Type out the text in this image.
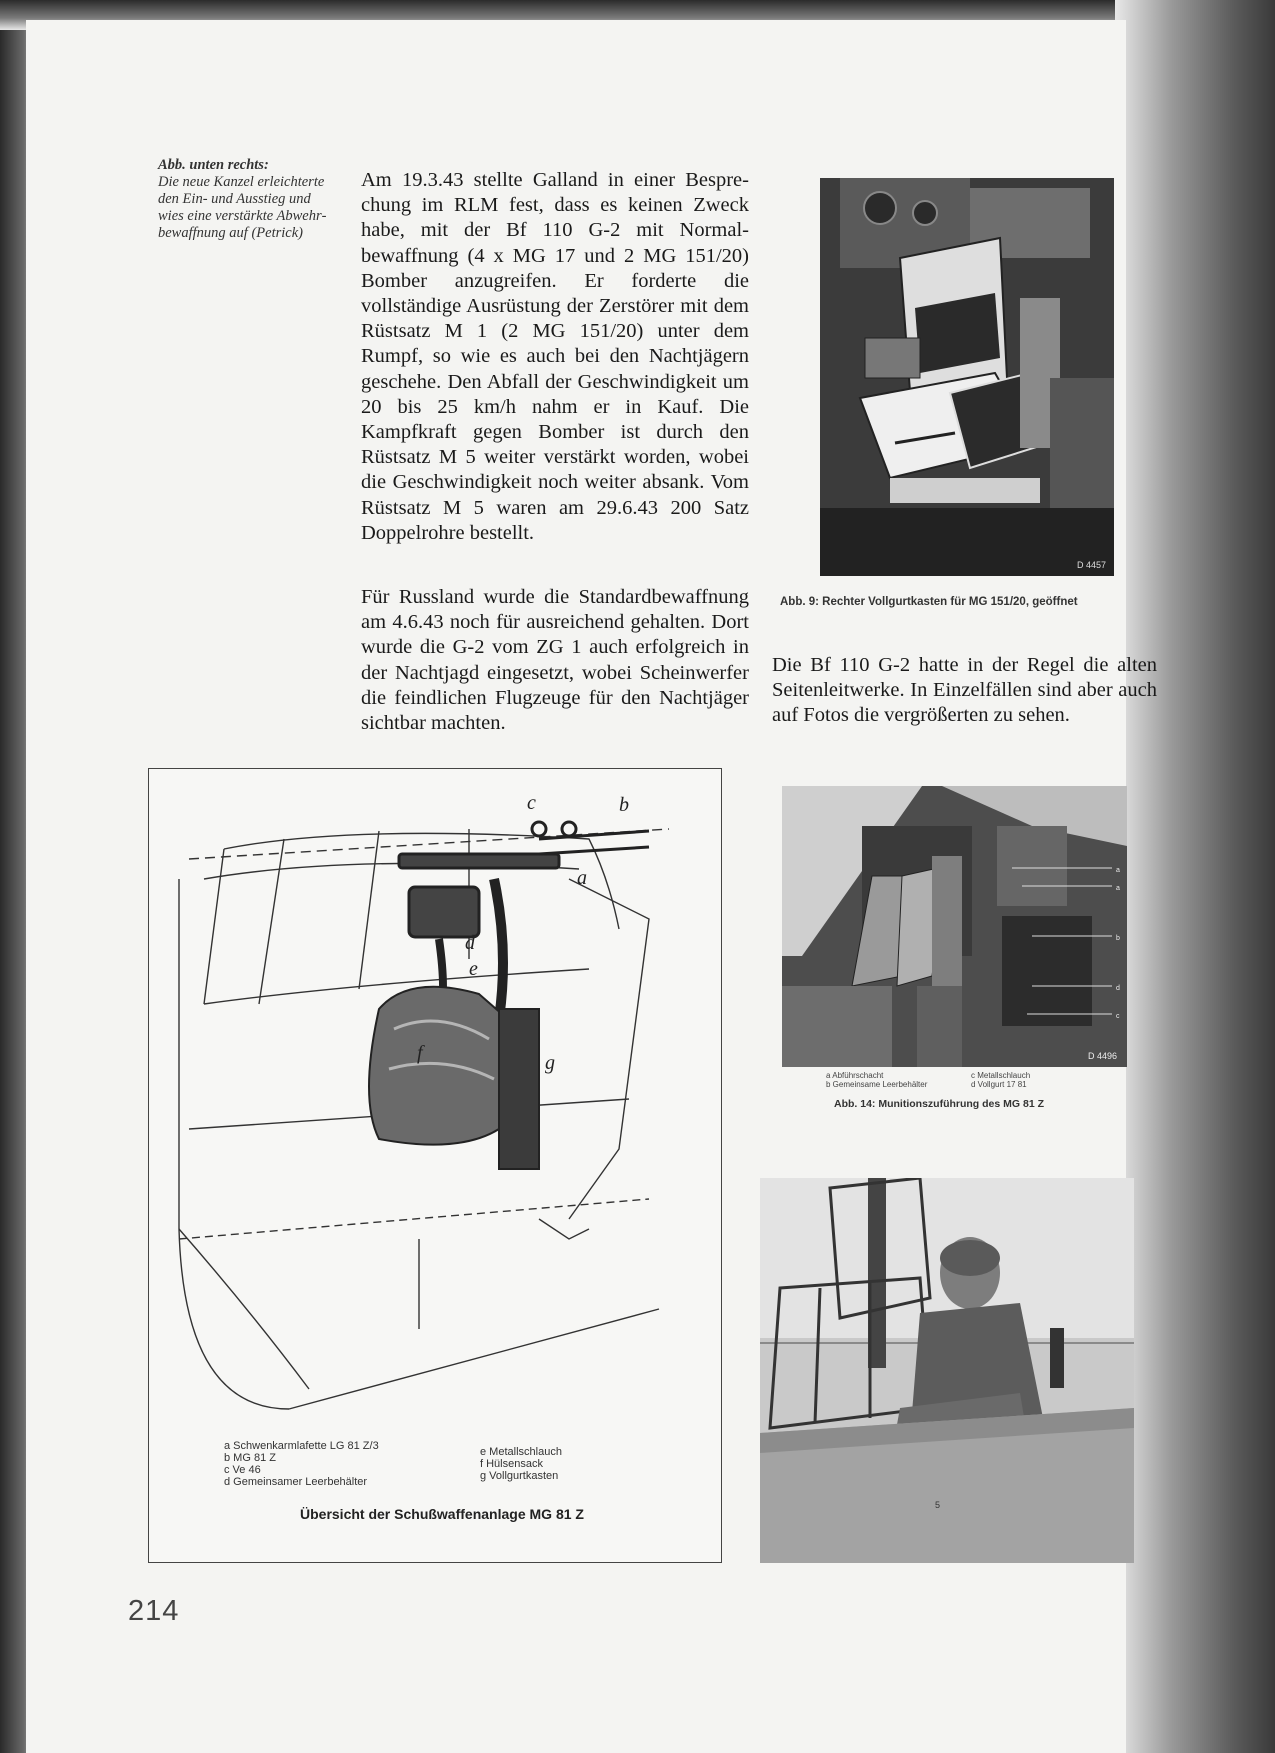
Abb. unten rechts:
Die neue Kanzel erleichterte den Ein- und Ausstieg und wies eine verstärkte Abwehrbewaffnung auf (Petrick)
Am 19.3.43 stellte Galland in einer Besprechung im RLM fest, dass es keinen Zweck habe, mit der Bf 110 G-2 mit Normalbewaffnung (4 x MG 17 und 2 MG 151/20) Bomber anzugreifen. Er forderte die vollständige Ausrüstung der Zerstörer mit dem Rüstsatz M 1 (2 MG 151/20) unter dem Rumpf, so wie es auch bei den Nachtjägern geschehe. Den Abfall der Geschwindigkeit um 20 bis 25 km/h nahm er in Kauf. Die Kampfkraft gegen Bomber ist durch den Rüstsatz M 5 weiter verstärkt worden, wobei die Geschwindigkeit noch weiter absank. Vom Rüstsatz M 5 waren am 29.6.43 200 Satz Doppelrohre bestellt.
Für Russland wurde die Standardbewaffnung am 4.6.43 noch für ausreichend gehalten. Dort wurde die G-2 vom ZG 1 auch erfolgreich in der Nachtjagd eingesetzt, wobei Scheinwerfer die feindlichen Flugzeuge für den Nachtjäger sichtbar machten.
Die Bf 110 G-2 hatte in der Regel die alten Seitenleitwerke. In Einzelfällen sind aber auch auf Fotos die vergrößerten zu sehen.
D 4457
Abb. 9: Rechter Vollgurtkasten für MG 151/20, geöffnet
a
a
b
d
c
D 4496
a Abführschacht	c Metallschlauch
b Gemeinsame Leerbehälter	d Vollgurt 17 81
Abb. 14: Munitionszuführung des MG 81 Z
5
c	b
a
d
e
f	g
a Schwenkarmlafette LG 81 Z/3
b MG 81 Z
c Ve 46
d Gemeinsamer Leerbehälter
e Metallschlauch
f Hülsensack
g Vollgurtkasten
Übersicht der Schußwaffenanlage MG 81 Z
214
